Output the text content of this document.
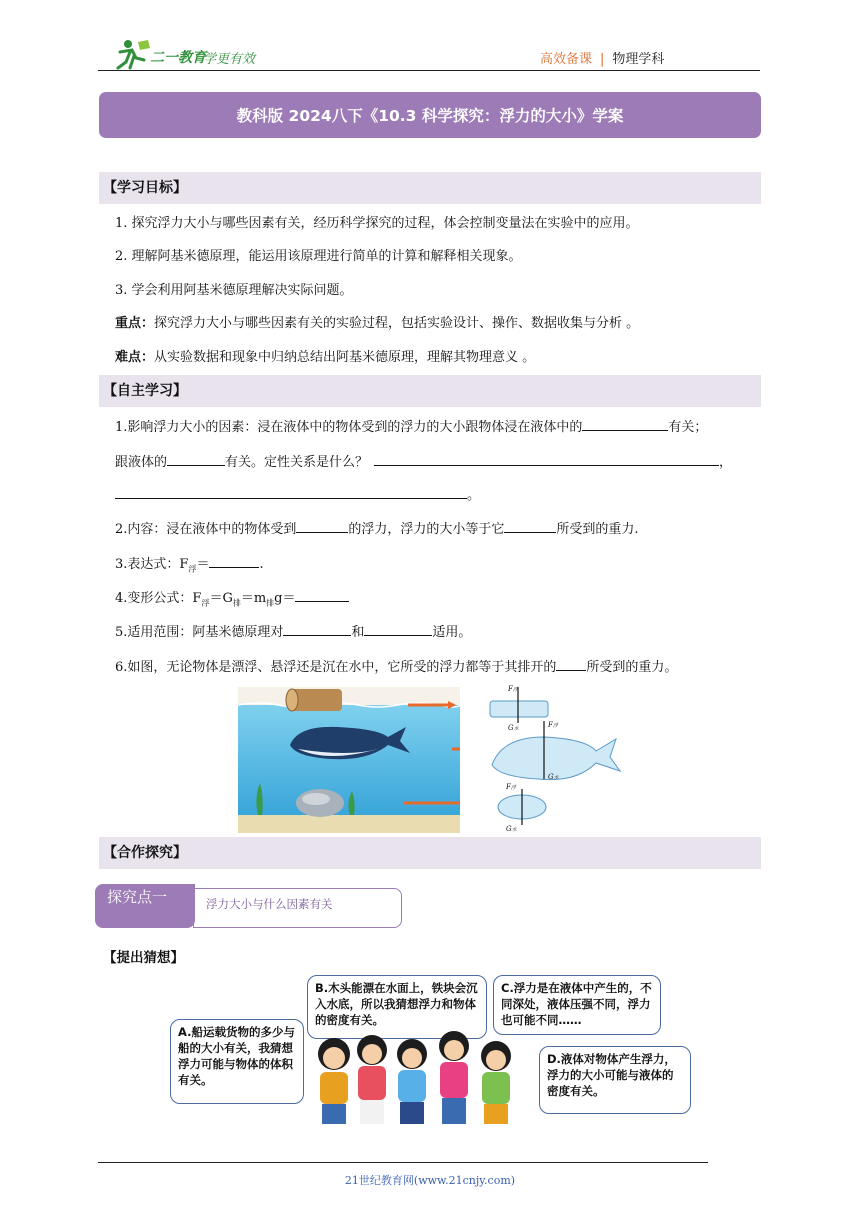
二一教育
学更有效	高效备课 | 物理学科
教科版 2024八下《10.3 科学探究：浮力的大小》学案
【学习目标】
1. 探究浮力大小与哪些因素有关，经历科学探究的过程，体会控制变量法在实验中的应用。
2. 理解阿基米德原理，能运用该原理进行简单的计算和解释相关现象。
3. 学会利用阿基米德原理解决实际问题。
重点：探究浮力大小与哪些因素有关的实验过程，包括实验设计、操作、数据收集与分析 。
难点：从实验数据和现象中归纳总结出阿基米德原理，理解其物理意义 。
【自主学习】
1.影响浮力大小的因素：浸在液体中的物体受到的浮力的大小跟物体浸在液体中的	有关；
跟液体的	有关。定性关系是什么？	，
。
2.内容：浸在液体中的物体受到	的浮力，浮力的大小等于它	所受到的重力.
3.表达式：$F_浮=$	.
4.变形公式：$F_浮=G_排=m_排g=$
5.适用范围：阿基米德原理对	和	适用。
6.如图，无论物体是漂浮、悬浮还是沉在水中，它所受的浮力都等于其排开的 所受到的重力。
F浮
G水	F浮
G水
F浮
G水
【合作探究】
探究点一	浮力大小与什么因素有关
【提出猜想】
A.船运载货物的多少与船的大小有关，我猜想浮力可能与物体的体积有关。
B.木头能漂在水面上，铁块会沉入水底，所以我猜想浮力和物体的密度有关。
C.浮力是在液体中产生的，不同深处，液体压强不同，浮力也可能不同……
D.液体对物体产生浮力，浮力的大小可能与液体的密度有关。
21世纪教育网(www.21cnjy.com)
